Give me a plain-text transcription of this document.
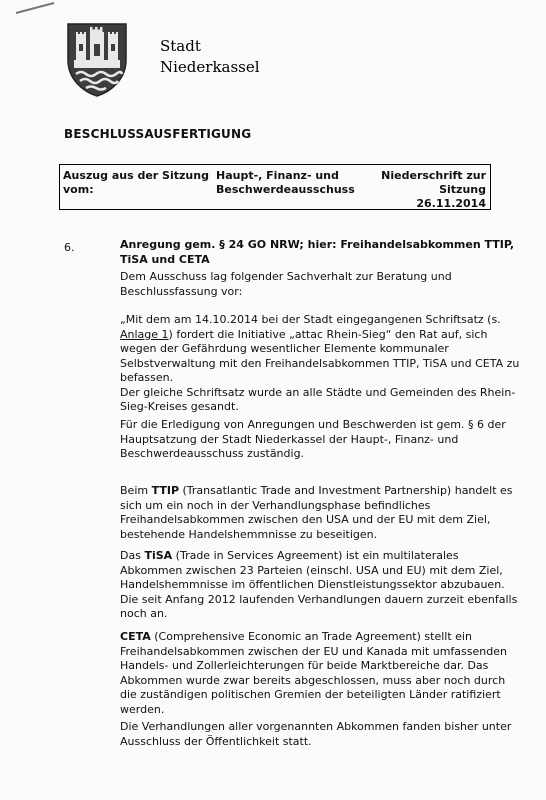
Stadt
Niederkassel
BESCHLUSSAUSFERTIGUNG
Auszug aus der Sitzung vom:
Haupt-, Finanz- und Beschwerdeausschuss
Niederschrift zur Sitzung
26.11.2014
6.	Anregung gem. § 24 GO NRW; hier: Freihandelsabkommen TTIP, TiSA und CETA
Dem Ausschuss lag folgender Sachverhalt zur Beratung und Beschlussfassung vor:
„Mit dem am 14.10.2014 bei der Stadt eingegangenen Schriftsatz (s. Anlage 1) fordert die Initiative „attac Rhein-Sieg“ den Rat auf, sich wegen der Gefährdung wesentlicher Elemente kommunaler Selbstverwaltung mit den Freihandelsabkommen TTIP, TiSA und CETA zu befassen.
Der gleiche Schriftsatz wurde an alle Städte und Gemeinden des Rhein-Sieg-Kreises gesandt.
Für die Erledigung von Anregungen und Beschwerden ist gem. § 6 der Hauptsatzung der Stadt Niederkassel der Haupt-, Finanz- und Beschwerdeausschuss zuständig.
Beim TTIP (Transatlantic Trade and Investment Partnership) handelt es sich um ein noch in der Verhandlungsphase befindliches Freihandelsabkommen zwischen den USA und der EU mit dem Ziel, bestehende Handelshemmnisse zu beseitigen.
Das TiSA (Trade in Services Agreement) ist ein multilaterales Abkommen zwischen 23 Parteien (einschl. USA und EU) mit dem Ziel, Handelshemmnisse im öffentlichen Dienstleistungssektor abzubauen. Die seit Anfang 2012 laufenden Verhandlungen dauern zurzeit ebenfalls noch an.
CETA (Comprehensive Economic an Trade Agreement) stellt ein Freihandelsabkommen zwischen der EU und Kanada mit umfassenden Handels- und Zollerleichterungen für beide Marktbereiche dar. Das Abkommen wurde zwar bereits abgeschlossen, muss aber noch durch die zuständigen politischen Gremien der beteiligten Länder ratifiziert werden.
Die Verhandlungen aller vorgenannten Abkommen fanden bisher unter Ausschluss der Öffentlichkeit statt.
